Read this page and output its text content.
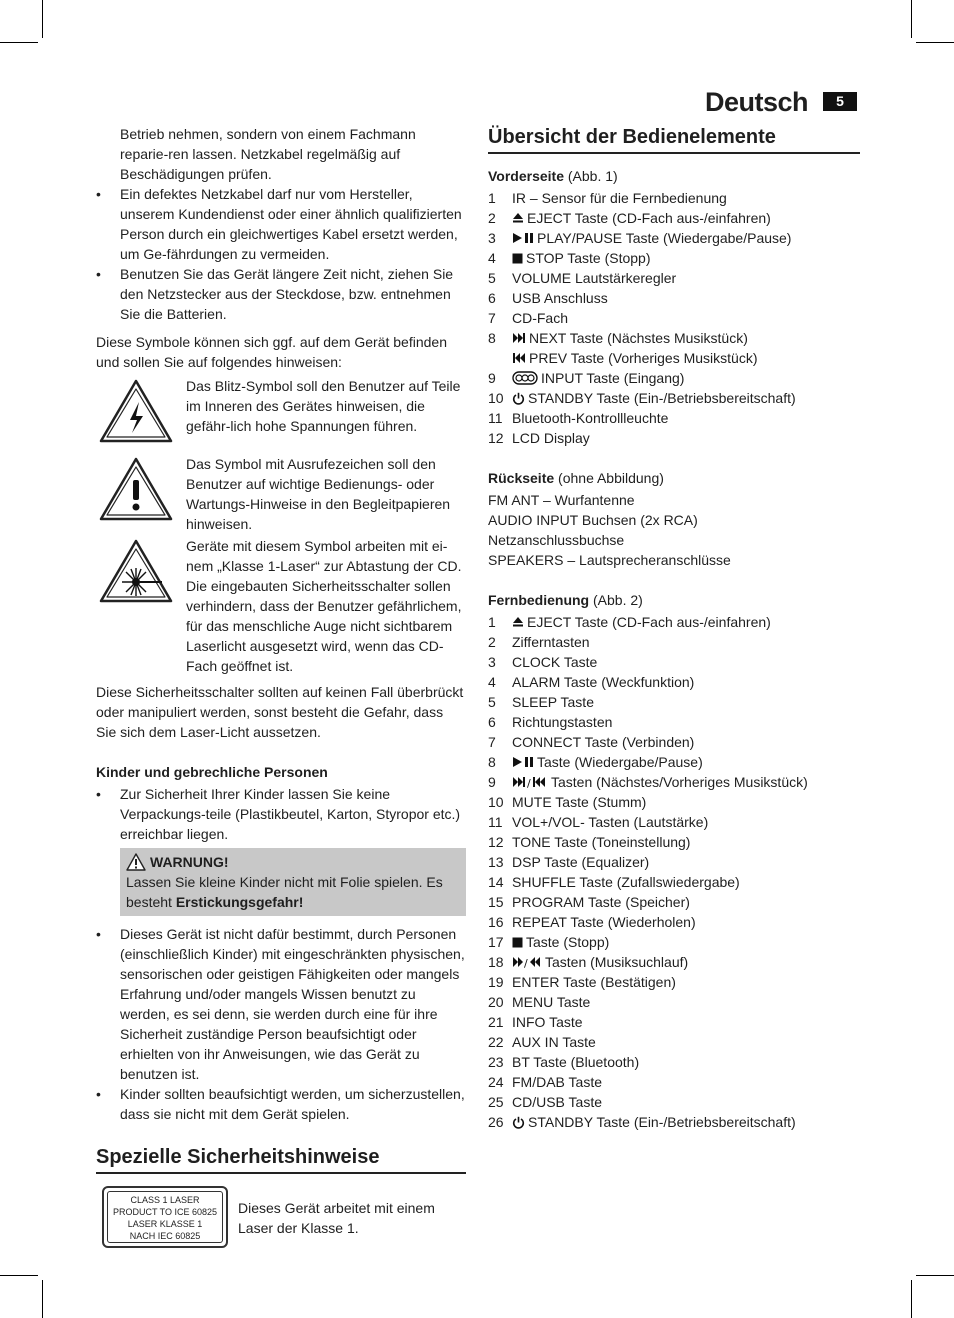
Deutsch	5

Betrieb nehmen, sondern von einem Fachmann reparie-ren lassen. Netzkabel regelmäßig auf Beschädigungen prüfen.

• Ein defektes Netzkabel darf nur vom Hersteller, unserem Kundendienst oder einer ähnlich qualifizierten Person durch ein gleichwertiges Kabel ersetzt werden, um Ge-fährdungen zu vermeiden.
• Benutzen Sie das Gerät längere Zeit nicht, ziehen Sie den Netzstecker aus der Steckdose, bzw. entnehmen Sie die Batterien.

Diese Symbole können sich ggf. auf dem Gerät befinden und sollen Sie auf folgendes hinweisen:

Das Blitz-Symbol soll den Benutzer auf Teile im Inneren des Gerätes hinweisen, die gefähr-lich hohe Spannungen führen.
Das Symbol mit Ausrufezeichen soll den Benutzer auf wichtige Bedienungs- oder Wartungs-Hinweise in den Begleitpapieren hinweisen.
Geräte mit diesem Symbol arbeiten mit ei-nem „Klasse 1-Laser“ zur Abtastung der CD. Die eingebauten Sicherheitsschalter sollen verhindern, dass der Benutzer gefährlichem, für das menschliche Auge nicht sichtbarem Laserlicht ausgesetzt wird, wenn das CD-Fach geöffnet ist.

Diese Sicherheitsschalter sollten auf keinen Fall überbrückt oder manipuliert werden, sonst besteht die Gefahr, dass Sie sich dem Laser-Licht aussetzen.

Kinder und gebrechliche Personen

• Zur Sicherheit Ihrer Kinder lassen Sie keine Verpackungs-teile (Plastikbeutel, Karton, Styropor etc.) erreichbar liegen.
WARNUNG!
Lassen Sie kleine Kinder nicht mit Folie spielen. Es besteht Erstickungsgefahr!
• Dieses Gerät ist nicht dafür bestimmt, durch Personen (einschließlich Kinder) mit eingeschränkten physischen, sensorischen oder geistigen Fähigkeiten oder mangels Erfahrung und/oder mangels Wissen benutzt zu werden, es sei denn, sie werden durch eine für ihre Sicherheit zuständige Person beaufsichtigt oder erhielten von ihr Anweisungen, wie das Gerät zu benutzen ist.
• Kinder sollten beaufsichtigt werden, um sicherzustellen, dass sie nicht mit dem Gerät spielen.
Spezielle Sicherheitshinweise
CLASS 1 LASER
PRODUCT TO ICE 60825
LASER KLASSE 1
NACH IEC 60825
Dieses Gerät arbeitet mit einem Laser der Klasse 1.
Übersicht der Bedienelemente

Vorderseite (Abb. 1)

1	IR – Sensor für die Fernbedienung
2	EJECT Taste (CD-Fach aus-/einfahren)
3	PLAY/PAUSE Taste (Wiedergabe/Pause)
4	STOP Taste (Stopp)
5	VOLUME Lautstärkeregler
6	USB Anschluss
7	CD-Fach
8	NEXT Taste (Nächstes Musikstück)
PREV Taste (Vorheriges Musikstück)
9	INPUT Taste (Eingang)
10	STANDBY Taste (Ein-/Betriebsbereitschaft)
11 Bluetooth-Kontrollleuchte
12 LCD Display

Rückseite (ohne Abbildung)

FM ANT – Wurfantenne
AUDIO INPUT Buchsen (2x RCA)
Netzanschlussbuchse
SPEAKERS – Lautsprecheranschlüsse

Fernbedienung (Abb. 2)

1	EJECT Taste (CD-Fach aus-/einfahren)
2	Zifferntasten
3	CLOCK Taste
4	ALARM Taste (Weckfunktion)
5	SLEEP Taste
6	Richtungstasten
7	CONNECT Taste (Verbinden)
8	Taste (Wiedergabe/Pause)
9	/ Tasten (Nächstes/Vorheriges Musikstück)
10 MUTE Taste (Stumm)
11 VOL+/VOL- Tasten (Lautstärke)
12 TONE Taste (Toneinstellung)
13 DSP Taste (Equalizer)
14 SHUFFLE Taste (Zufallswiedergabe)
15 PROGRAM Taste (Speicher)
16 REPEAT Taste (Wiederholen)
17	Taste (Stopp)
18	/ Tasten (Musiksuchlauf)
19 ENTER Taste (Bestätigen)
20 MENU Taste
21 INFO Taste
22 AUX IN Taste
23 BT Taste (Bluetooth)
24 FM/DAB Taste
25 CD/USB Taste
26	STANDBY Taste (Ein-/Betriebsbereitschaft)
